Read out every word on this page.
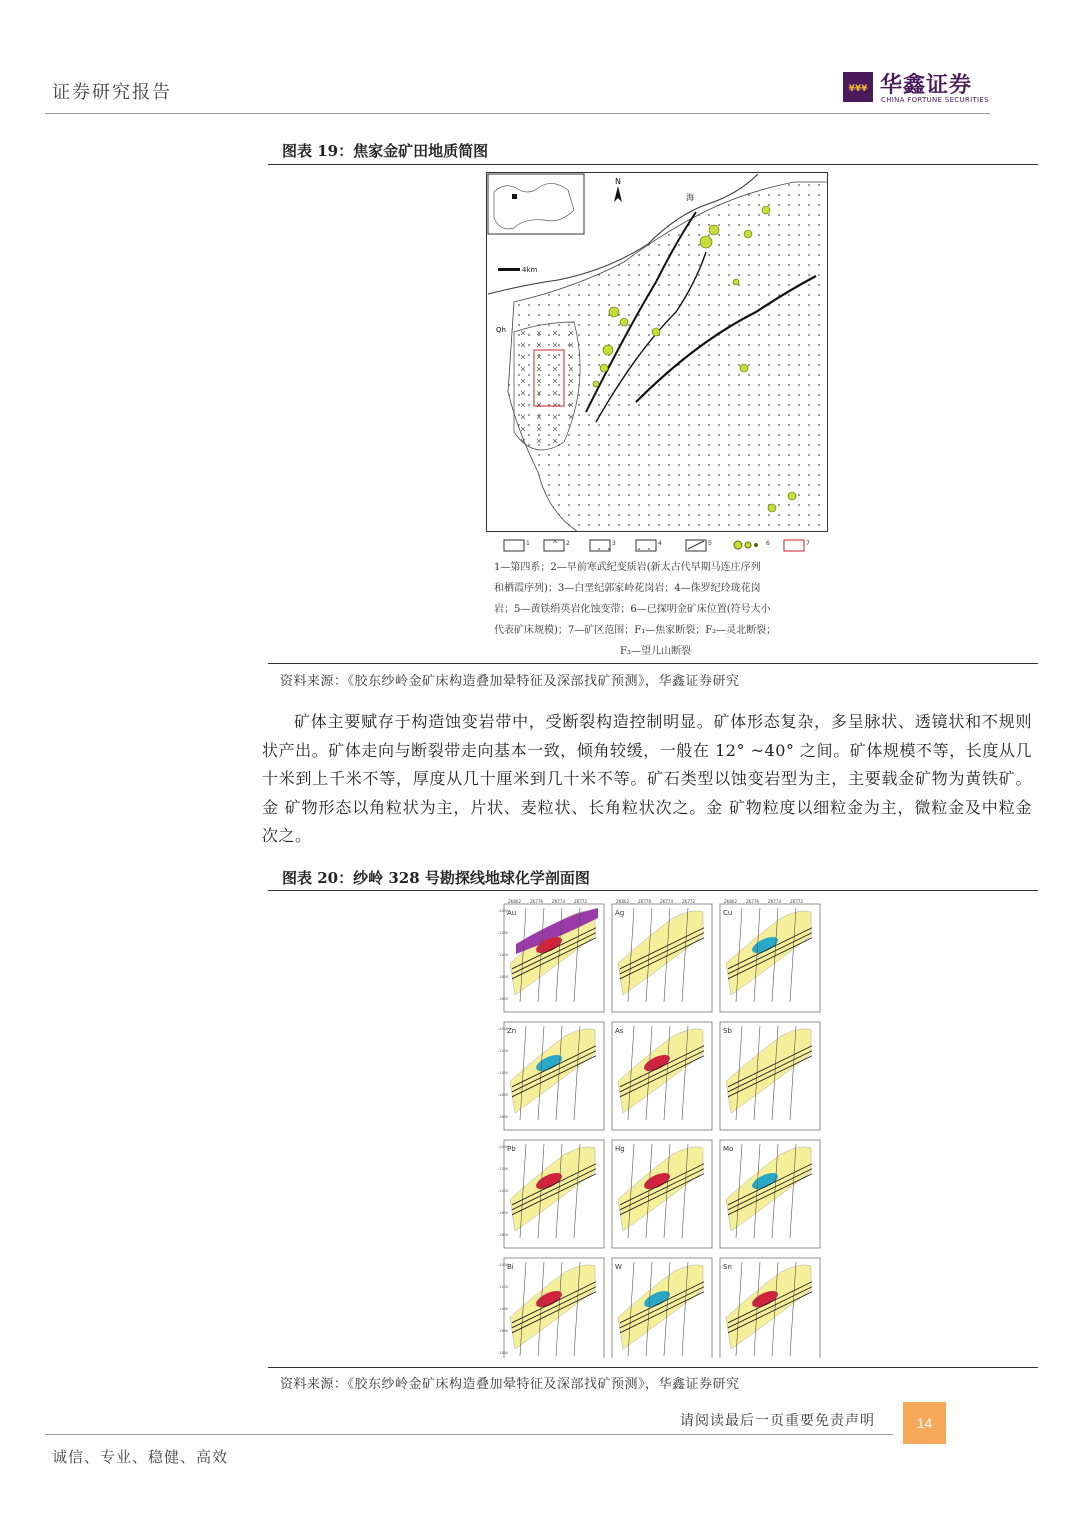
证券研究报告	¥¥¥ 华鑫证券
CHINA FORTUNE SECURITIES
图表 19：焦家金矿田地质简图
N
4km
Qh
海
1	2	3	4	5	6	7
1—第四系；2—早前寒武纪变质岩(新太古代早期马连庄序列
和栖霞序列)；3—白垩纪郭家岭花岗岩；4—侏罗纪玲珑花岗
岩；5—黄铁绢英岩化蚀变带；6—已探明金矿床位置(符号大小
代表矿床规模)；7—矿区范围；F₁—焦家断裂；F₂—灵北断裂；
F₃—望儿山断裂
资料来源：《胶东纱岭金矿床构造叠加晕特征及深部找矿预测》，华鑫证券研究

矿体主要赋存于构造蚀变岩带中，受断裂构造控制明显。矿体形态复杂，多呈脉状、透镜状和不规则状产出。矿体走向与断裂带走向基本一致，倾角较缓，一般在 12° ~40° 之间。矿体规模不等，长度从几十米到上千米不等，厚度从几十厘米到几十米不等。矿石类型以蚀变岩型为主，主要载金矿物为黄铁矿。金 矿物形态以角粒状为主，片状、麦粒状、长角粒状次之。金 矿物粒度以细粒金为主，微粒金及中粒金次之。

图表 20：纱岭 328 号勘探线地球化学剖面图
Au
-1000
-1200
-1400
-1600
-1800
ZK802 ZK776 ZK774 ZK772
Ag
ZK802 ZK776 ZK774 ZK772
Cu
ZK802 ZK776 ZK774 ZK772
Zn
-1000
-1200
-1400
-1600
-1800
As	Sb
Pb
-1000
-1200
-1400
-1600
-1800
Hg	Mo
Bi
-1000
-1200
-1400
-1600
-1800
W	Sn
资料来源：《胶东纱岭金矿床构造叠加晕特征及深部找矿预测》，华鑫证券研究
请阅读最后一页重要免责声明	14
诚信、专业、稳健、高效
